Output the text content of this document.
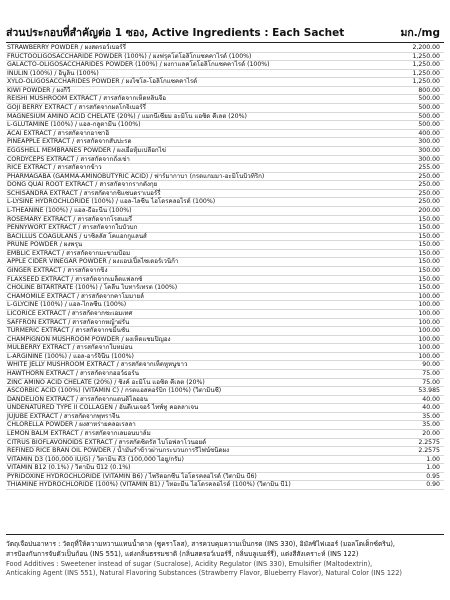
ส่วนประกอบที่สำคัญต่อ 1 ซอง, Active Ingredients : Each Sachet	มก./mg
STRAWBERRY POWDER / ผงสตรอว์เบอร์รี่	2,200.00
FRUCTOOLIGOSACCHARIDE POWDER (100%) / ผงฟรุคโตโอลิโกแซคคาไรด์ (100%)	1,250.00
GALACTO-OLIGOSACCHARIDES POWDER (100%) / ผงกาแลคโตโอลิโกแซคคาไรด์ (100%)	1,250.00
INULIN (100%) / อินูลิน (100%)	1,250.00
XYLO-OLIGOSACCHARIDES POWDER / ผงไซโล-โอลิโกแซคคาไรด์	1,250.00
KIWI POWDER / ผงกีวี	800.00
REISHI MUSHROOM EXTRACT / สารสกัดจากเห็ดหลินจือ	500.00
GOJI BERRY EXTRACT / สารสกัดจากผลโกจิเบอร์รี่	500.00
MAGNESIUM AMINO ACID CHELATE (20%) / แมกนีเซียม อะมิโน แอซิด คีเลต (20%)	500.00
L-GLUTAMINE (100%) / แอล-กลูตามีน (100%)	500.00
ACAI EXTRACT / สารสกัดจากอาซาอิ	400.00
PINEAPPLE EXTRACT / สารสกัดจากสับปะรด	300.00
EGGSHELL MEMBRANES POWDER / ผงเยื่อหุ้มเปลือกไข่	300.00
CORDYCEPS EXTRACT / สารสกัดจากถั่งเช่า	300.00
RICE EXTRACT / สารสกัดจากข้าว	255.00
PHARMAGABA (GAMMA-AMINOBUTYRIC ACID) / ฟาร์มากาบา (กรดแกมมา-อะมิโนบิวทิริก)	250.00
DONG QUAI ROOT EXTRACT / สารสกัดจากรากตังกุย	250.00
SCHISANDRA EXTRACT / สารสกัดจากชิแซนดราเบอร์รี่	250.00
L-LYSINE HYDROCHLORIDE (100%) / แอล-ไลซีน ไฮโดรคลอไรด์ (100%)	250.00
L-THEANINE (100%) / แอล-ธีอะนีน (100%)	200.00
ROSEMARY EXTRACT / สารสกัดจากโรสแมรี่	150.00
PENNYWORT EXTRACT / สารสกัดจากใบบัวบก	150.00
BACILLUS COAGULANS / บาซิลลัส โคแอกกูแลนส์	150.00
PRUNE POWDER / ผงพรุน	150.00
EMBLIC EXTRACT / สารสกัดจากมะขามป้อม	150.00
APPLE CIDER VINEGAR POWDER / ผงแอปเปิ้ลไซเดอร์เวนิก้า	150.00
GINGER EXTRACT / สารสกัดจากขิง	150.00
FLAXSEED EXTRACT / สารสกัดจากเมล็ดแฟลกซ์	150.00
CHOLINE BITARTRATE (100%) / โคลีน ไบทาร์เทรต (100%)	150.00
CHAMOMILE EXTRACT / สารสกัดจากคาโมมายล์	100.00
L-GLYCINE (100%) / แอล-ไกลซีน (100%)	100.00
LICORICE EXTRACT / สารสกัดจากชะเอมเทศ	100.00
SAFFRON EXTRACT / สารสกัดจากหญ้าฝรั่น	100.00
TURMERIC EXTRACT / สารสกัดจากขมิ้นชัน	100.00
CHAMPIGNON MUSHROOM POWDER / ผงเห็ดแชมปิญอง	100.00
MULBERRY EXTRACT / สารสกัดจากใบหม่อน	100.00
L-ARGININE (100%) / แอล-อาร์จินีน (100%)	100.00
WHITE JELLY MUSHROOM EXTRACT / สารสกัดจากเห็ดหูหนูขาว	90.00
HAWTHORN EXTRACT / สารสกัดจากฮอว์ธอร์น	75.00
ZINC AMINO ACID CHELATE (20%) / ซิงค์ อะมิโน แอซิด คีเลต (20%)	75.00
ASCORBIC ACID (100%) (VITAMIN C) / กรดแอสคอร์บิก (100%) (วิตามินซี)	53.985
DANDELION EXTRACT / สารสกัดจากแดนดิไลออน	40.00
UNDENATURED TYPE II COLLAGEN / อันดีเนเจอร์ ไทพ์ทู คอลลาเจน	40.00
JUJUBE EXTRACT / สารสกัดจากพุทราจีน	35.00
CHLORELLA POWDER / ผงสาหร่ายคลอเรลลา	35.00
LEMON BALM EXTRACT / สารสกัดจากเลมอนบาล์ม	20.00
CITRUS BIOFLAVONOIDS EXTRACT / สารสกัดซิตรัส ไบโอฟลาโวนอยด์	2.2575
REFINED RICE BRAN OIL POWDER / น้ำมันรำข้าวผ่านกระบวนการรีไฟน์ชนิดผง	2.2575
VITAMIN D3 (100,000 IU/G) / วิตามิน ดี3 (100,000 ไอยู/กรัม)	1.00
VITAMIN B12 (0.1%) / วิตามิน บี12 (0.1%)	1.00
PYRIDOXINE HYDROCHLORIDE (VITAMIN B6) / ไพริดอกซีน ไฮโดรคลอไรด์ (วิตามิน บี6)	0.95
THIAMINE HYDROCHLORIDE (100%) (VITAMIN B1) / ไทอะมีน ไฮโดรคลอไรด์ (100%) (วิตามิน บี1)	0.90
วัตถุเจือปนอาหาร : วัตถุที่ให้ความหวานแทนน้ำตาล (ซูคราโลส), สารควบคุมความเป็นกรด (INS 330), อิมัลซิไฟเออร์ (มอลโตเด็กซ์ตริน),
สารป้องกันการจับตัวเป็นก้อน (INS 551), แต่งกลิ่นธรรมชาติ (กลิ่นสตรอว์เบอร์รี่, กลิ่นบลูเบอร์รี่), แต่งสีสังเคราะห์ (INS 122)
Food Additives : Sweetener instead of sugar (Sucralose), Acidity Regulator (INS 330), Emulsifier (Maltodextrin),
Anticaking Agent (INS 551), Natural Flavoring Substances (Strawberry Flavor, Blueberry Flavor), Natural Color (INS 122)
